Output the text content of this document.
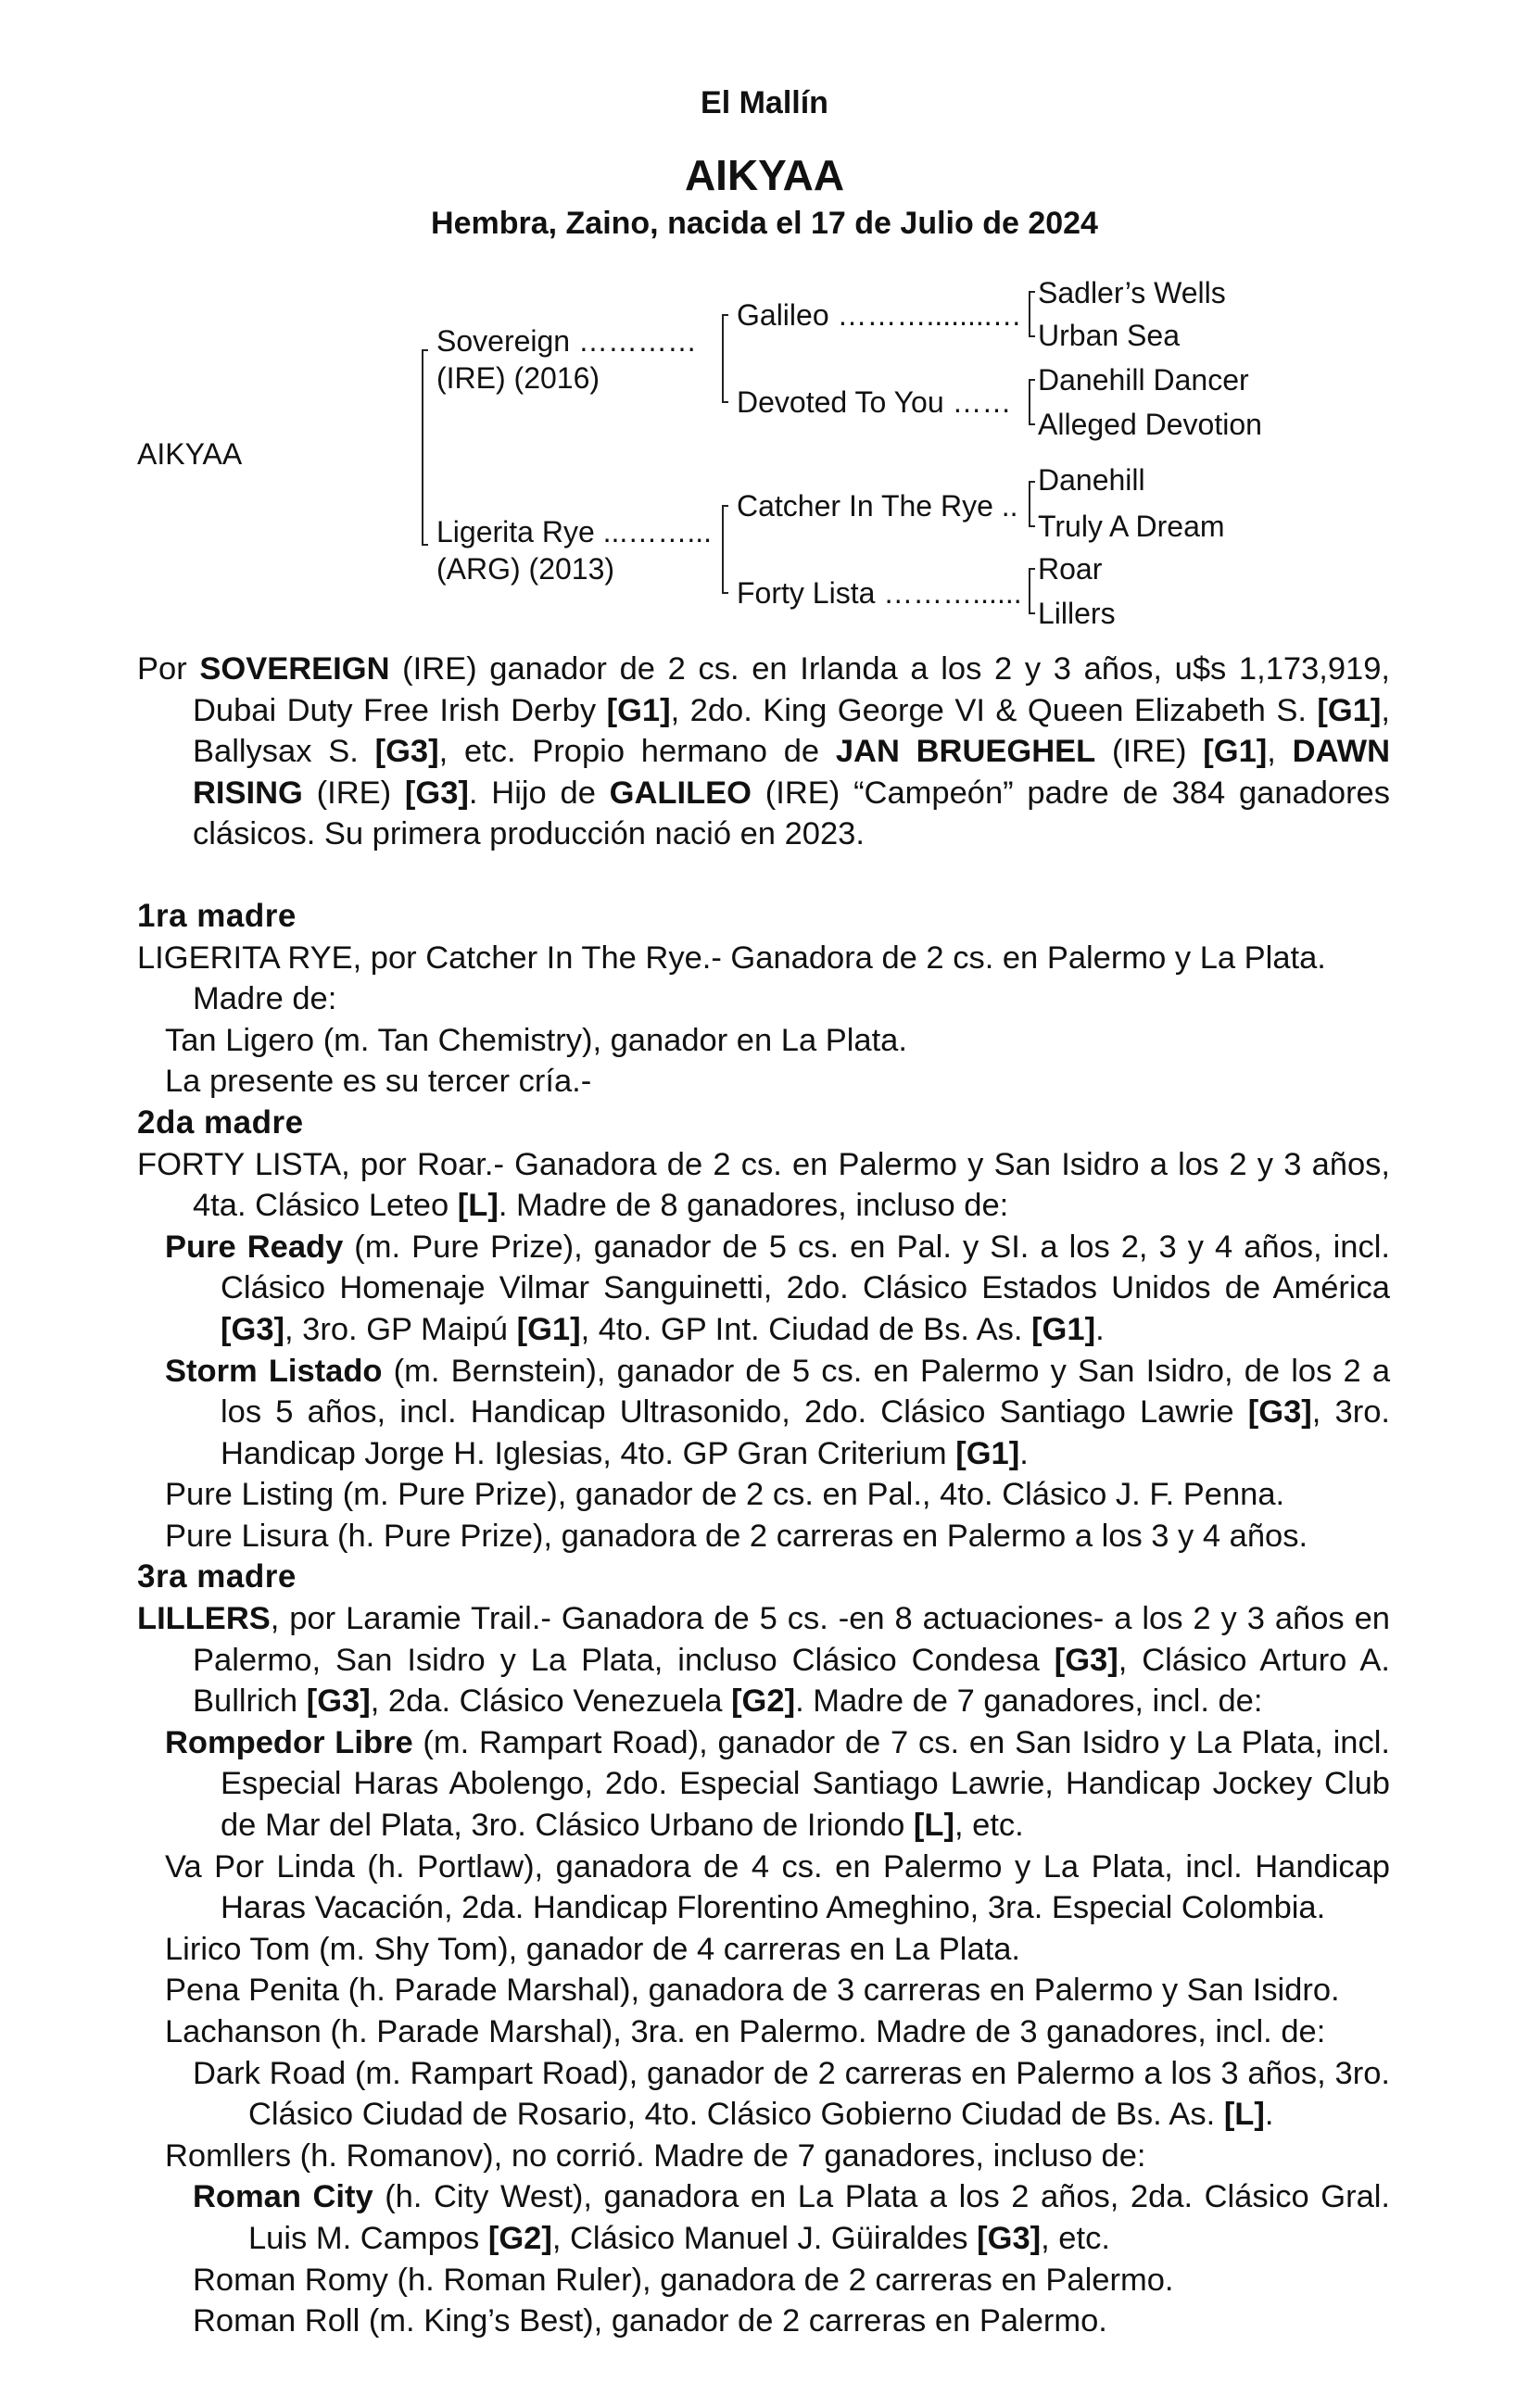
El Mallín
AIKYAA
Hembra, Zaino, nacida el 17 de Julio de 2024
AIKYAA
Sovereign …………
(IRE) (2016)
Ligerita Rye ...……...
(ARG) (2013)
Galileo ………........…
Devoted To You ……
Catcher In The Rye ..
Forty Lista ………......
Sadler’s Wells
Urban Sea
Danehill Dancer
Alleged Devotion
Danehill
Truly A Dream
Roar
Lillers

Por SOVEREIGN (IRE) ganador de 2 cs. en Irlanda a los 2 y 3 años, u$s 1,173,919, Dubai Duty Free Irish Derby [G1], 2do. King George VI & Queen Elizabeth S. [G1], Ballysax S. [G3], etc. Propio hermano de JAN BRUEGHEL (IRE) [G1], DAWN RISING (IRE) [G3]. Hijo de GALILEO (IRE) “Campeón” padre de 384 ganadores clásicos. Su primera producción nació en 2023.

1ra madre

LIGERITA RYE, por Catcher In The Rye.- Ganadora de 2 cs. en Palermo y La Plata.

Madre de:

Tan Ligero (m. Tan Chemistry), ganador en La Plata.

La presente es su tercer cría.-

2da madre

FORTY LISTA, por Roar.- Ganadora de 2 cs. en Palermo y San Isidro a los 2 y 3 años, 4ta. Clásico Leteo [L]. Madre de 8 ganadores, incluso de:

Pure Ready (m. Pure Prize), ganador de 5 cs. en Pal. y SI. a los 2, 3 y 4 años, incl. Clásico Homenaje Vilmar Sanguinetti, 2do. Clásico Estados Unidos de América [G3], 3ro. GP Maipú [G1], 4to. GP Int. Ciudad de Bs. As. [G1].

Storm Listado (m. Bernstein), ganador de 5 cs. en Palermo y San Isidro, de los 2 a los 5 años, incl. Handicap Ultrasonido, 2do. Clásico Santiago Lawrie [G3], 3ro. Handicap Jorge H. Iglesias, 4to. GP Gran Criterium [G1].

Pure Listing (m. Pure Prize), ganador de 2 cs. en Pal., 4to. Clásico J. F. Penna.

Pure Lisura (h. Pure Prize), ganadora de 2 carreras en Palermo a los 3 y 4 años.

3ra madre

LILLERS, por Laramie Trail.- Ganadora de 5 cs. -en 8 actuaciones- a los 2 y 3 años en Palermo, San Isidro y La Plata, incluso Clásico Condesa [G3], Clásico Arturo A. Bullrich [G3], 2da. Clásico Venezuela [G2]. Madre de 7 ganadores, incl. de:

Rompedor Libre (m. Rampart Road), ganador de 7 cs. en San Isidro y La Plata, incl. Especial Haras Abolengo, 2do. Especial Santiago Lawrie, Handicap Jockey Club de Mar del Plata, 3ro. Clásico Urbano de Iriondo [L], etc.

Va Por Linda (h. Portlaw), ganadora de 4 cs. en Palermo y La Plata, incl. Handicap Haras Vacación, 2da. Handicap Florentino Ameghino, 3ra. Especial Colombia.

Lirico Tom (m. Shy Tom), ganador de 4 carreras en La Plata.

Pena Penita (h. Parade Marshal), ganadora de 3 carreras en Palermo y San Isidro.

Lachanson (h. Parade Marshal), 3ra. en Palermo. Madre de 3 ganadores, incl. de:

Dark Road (m. Rampart Road), ganador de 2 carreras en Palermo a los 3 años, 3ro. Clásico Ciudad de Rosario, 4to. Clásico Gobierno Ciudad de Bs. As. [L].

Romllers (h. Romanov), no corrió. Madre de 7 ganadores, incluso de:

Roman City (h. City West), ganadora en La Plata a los 2 años, 2da. Clásico Gral. Luis M. Campos [G2], Clásico Manuel J. Güiraldes [G3], etc.

Roman Romy (h. Roman Ruler), ganadora de 2 carreras en Palermo.

Roman Roll (m. King’s Best), ganador de 2 carreras en Palermo.
